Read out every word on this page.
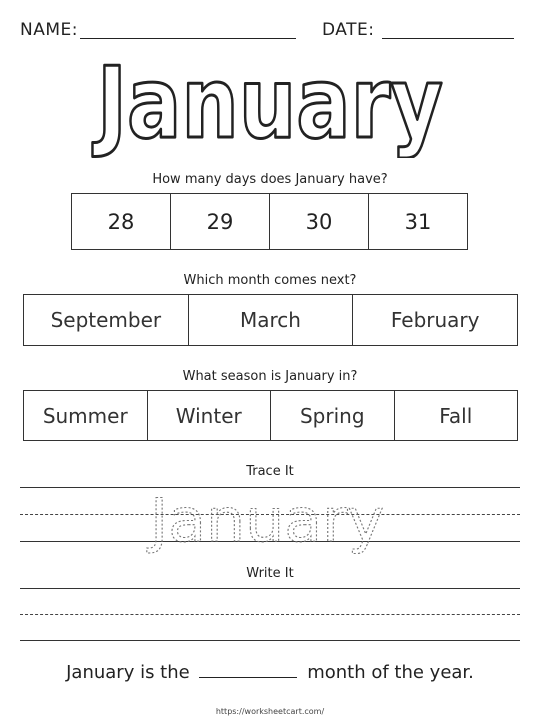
NAME:	DATE:
January
How many days does January have?
28	29	30	31
Which month comes next?
September	March	February
What season is January in?
Summer	Winter	Spring	Fall
Trace It
January
Write It
January is the	month of the year.
https://worksheetcart.com/
